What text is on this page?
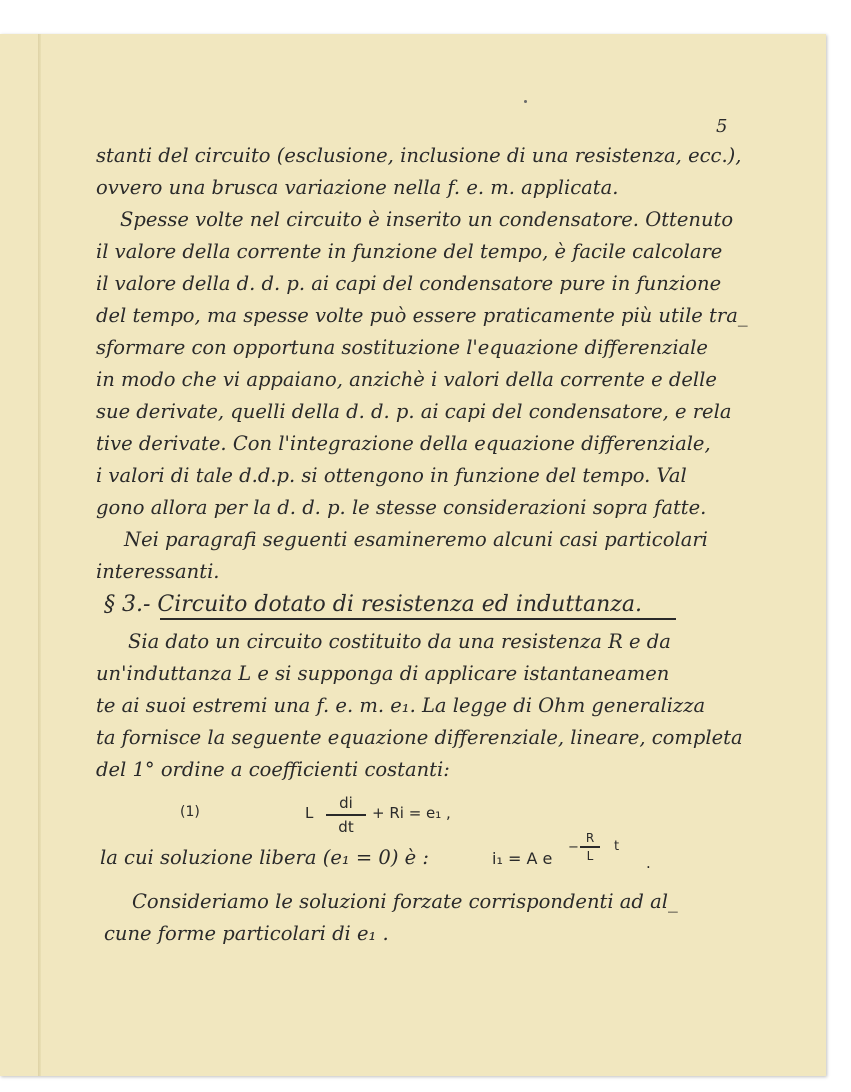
5
stanti del circuito (esclusione, inclusione di una resistenza, ecc.),
ovvero una brusca variazione nella f. e. m. applicata.
Spesse volte nel circuito è inserito un condensatore. Ottenuto
il valore della corrente in funzione del tempo, è facile calcolare
il valore della d. d. p. ai capi del condensatore pure in funzione
del tempo, ma spesse volte può essere praticamente più utile tra_
sformare con opportuna sostituzione l'equazione differenziale
in modo che vi appaiano, anzichè i valori della corrente e delle
sue derivate, quelli della d. d. p. ai capi del condensatore, e rela
tive derivate. Con l'integrazione della equazione differenziale,
i valori di tale d.d.p. si ottengono in funzione del tempo. Val
gono allora per la d. d. p. le stesse considerazioni sopra fatte.
Nei paragrafi seguenti esamineremo alcuni casi particolari
interessanti.
§ 3.- Circuito dotato di resistenza ed induttanza.
Sia dato un circuito costituito da una resistenza R e da
un'induttanza L e si supponga di applicare istantaneamen
te ai suoi estremi una f. e. m. e₁. La legge di Ohm generalizza
ta fornisce la seguente equazione differenziale, lineare, completa
del 1° ordine a coefficienti costanti:
(1)	L
di
dt
+ Ri = e₁ ,
la cui soluzione libera (e₁ = 0) è :	i₁ = A e
−
R
L
t
.
Consideriamo le soluzioni forzate corrispondenti ad al_
cune forme particolari di e₁ .
